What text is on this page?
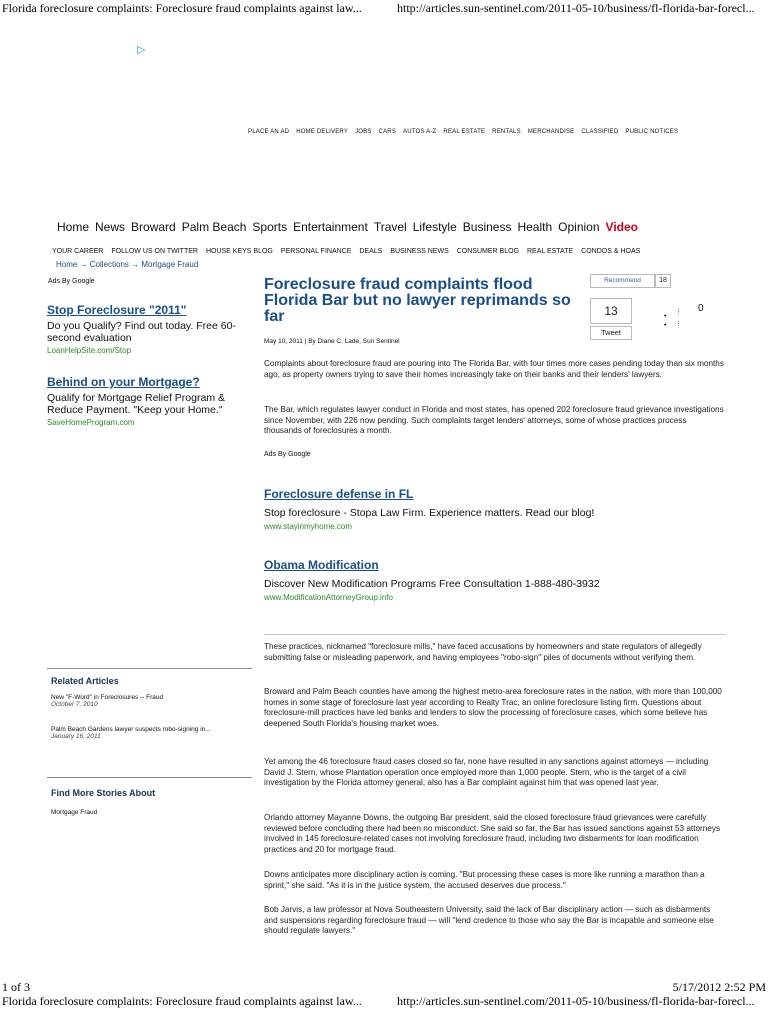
Florida foreclosure complaints: Foreclosure fraud complaints against law...	http://articles.sun-sentinel.com/2011-05-10/business/fl-florida-bar-forecl...
▷
PLACE AN AD HOME DELIVERY JOBS CARS AUTOS A-Z REAL ESTATE RENTALS MERCHANDISE CLASSIFIED PUBLIC NOTICES
Home News Broward Palm Beach Sports Entertainment Travel Lifestyle Business Health Opinion Video
YOUR CAREER FOLLOW US ON TWITTER HOUSE KEYS BLOG PERSONAL FINANCE DEALS BUSINESS NEWS CONSUMER BLOG REAL ESTATE CONDOS & HOAS
Home → Collections → Mortgage Fraud
Ads By Google
Stop Foreclosure "2011"
Do you Qualify? Find out today. Free 60-second evaluation
LoanHelpSite.com/Stop
Behind on your Mortgage?
Qualify for Mortgage Relief Program & Reduce Payment. "Keep your Home."
SaveHomeProgram.com
Related Articles
New "F-Word" in Foreclosures -- Fraud
October 7, 2010
Palm Beach Gardens lawyer suspects robo-signing in...
January 16, 2011
Find More Stories About
Mortgage Fraud
Foreclosure fraud complaints flood Florida Bar but no lawyer reprimands so far
May 10, 2011 | By Diane C. Lade, Sun Sentinel
Recommend	18
13
Tweet
•
•
⋮
⋮
0
Complaints about foreclosure fraud are pouring into The Florida Bar, with four times more cases pending today than six months ago, as property owners trying to save their homes increasingly take on their banks and their lenders' lawyers.
The Bar, which regulates lawyer conduct in Florida and most states, has opened 202 foreclosure fraud grievance investigations since November, with 226 now pending. Such complaints target lenders' attorneys, some of whose practices process thousands of foreclosures a month.
Ads By Google
Foreclosure defense in FL
Stop foreclosure - Stopa Law Firm. Experience matters. Read our blog!
www.stayinmyhome.com
Obama Modification
Discover New Modification Programs Free Consultation 1-888-480-3932
www.ModificationAttorneyGroup.info
These practices, nicknamed "foreclosure mills," have faced accusations by homeowners and state regulators of allegedly submitting false or misleading paperwork, and having employees "robo-sign" piles of documents without verifying them.
Broward and Palm Beach counties have among the highest metro-area foreclosure rates in the nation, with more than 100,000 homes in some stage of foreclosure last year according to Realty Trac, an online foreclosure listing firm. Questions about foreclosure-mill practices have led banks and lenders to slow the processing of foreclosure cases, which some believe has deepened South Florida's housing market woes.
Yet among the 46 foreclosure fraud cases closed so far, none have resulted in any sanctions against attorneys — including David J. Stern, whose Plantation operation once employed more than 1,000 people. Stern, who is the target of a civil investigation by the Florida attorney general, also has a Bar complaint against him that was opened last year.
Orlando attorney Mayanne Downs, the outgoing Bar president, said the closed foreclosure fraud grievances were carefully reviewed before concluding there had been no misconduct. She said so far, the Bar has issued sanctions against 53 attorneys involved in 145 foreclosure-related cases not involving foreclosure fraud, including two disbarments for loan modification practices and 20 for mortgage fraud.
Downs anticipates more disciplinary action is coming. "But processing these cases is more like running a marathon than a sprint," she said. "As it is in the justice system, the accused deserves due process."
Bob Jarvis, a law professor at Nova Southeastern University, said the lack of Bar disciplinary action — such as disbarments and suspensions regarding foreclosure fraud — will "lend credence to those who say the Bar is incapable and someone else should regulate lawyers."
1 of 3	5/17/2012 2:52 PM
Florida foreclosure complaints: Foreclosure fraud complaints against law...	http://articles.sun-sentinel.com/2011-05-10/business/fl-florida-bar-forecl...
